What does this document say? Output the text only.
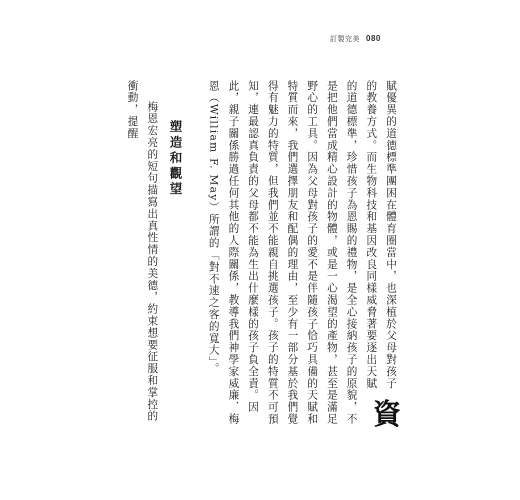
訂製完美 080

資
賦優異的道德標準團困在體育圈當中，也深植於父母對孩子的教養方式。而生物科技和基因改良同樣威脅著要逐出天賦的道德標準，珍惜孩子為恩賜的禮物，是全心接納孩子的原貌，不是把他們當成精心設計的物體，或是一心渴望的產物，甚至是滿足野心的工具。因為父母對孩子的愛不是伴隨孩子恰巧具備的天賦和特質而來，我們選擇朋友和配偶的理由，至少有一部分基於我們覺得有魅力的特質，但我們並不能親自挑選孩子。孩子的特質不可預知，連最認真負責的父母都不能為生出什麼樣的孩子負全責。因此，親子關係勝過任何其他的人際關係，教導我們神學家威廉．梅恩（William F. May）所謂的「對不速之客的寬大」。

塑造和觀望

梅恩宏亮的短句描寫出真性情的美德，約束想要征服和掌控的衝動，提醒
